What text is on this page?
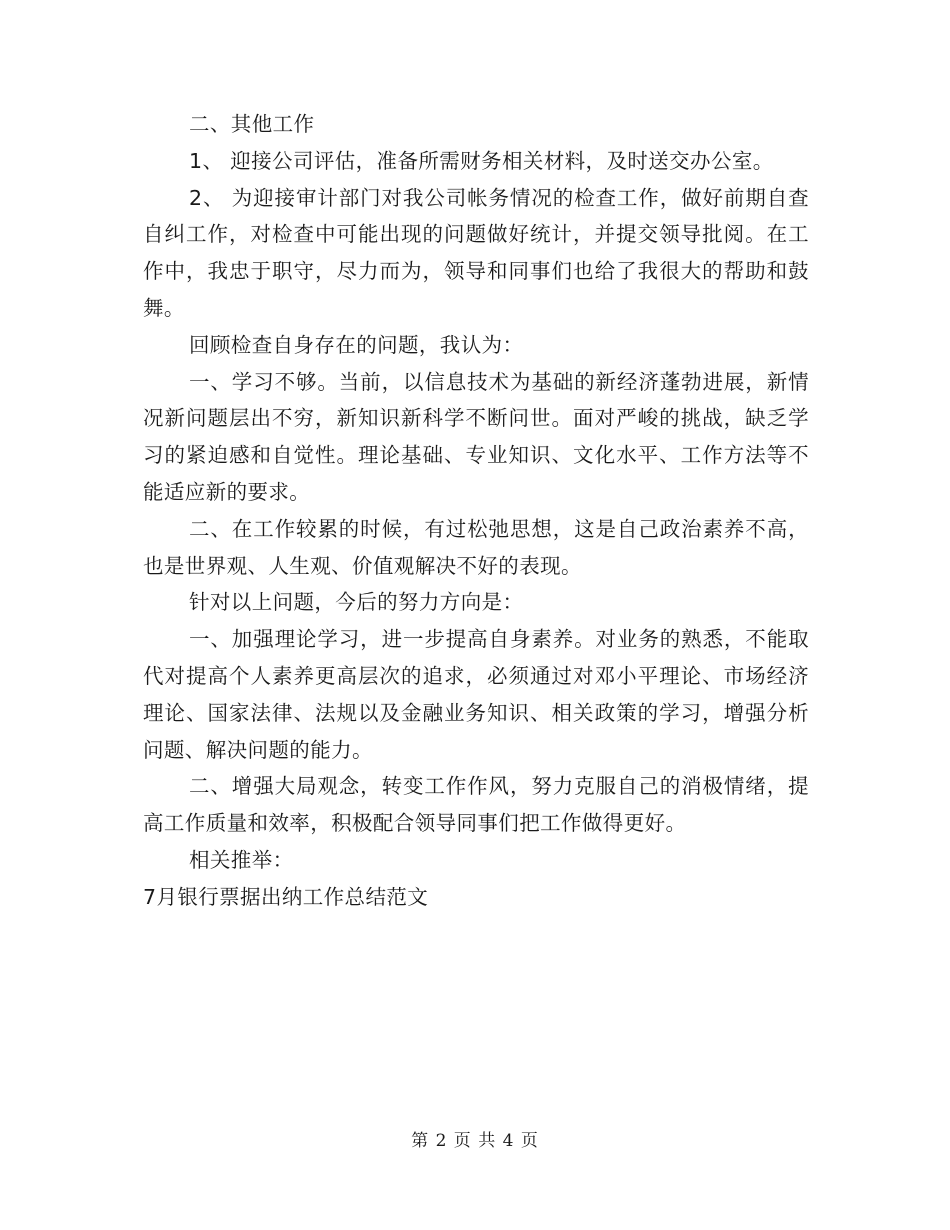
二、其他工作

1、 迎接公司评估，准备所需财务相关材料，及时送交办公室。

2、 为迎接审计部门对我公司帐务情况的检查工作，做好前期自查自纠工作，对检查中可能出现的问题做好统计，并提交领导批阅。在工作中，我忠于职守，尽力而为，领导和同事们也给了我很大的帮助和鼓舞。

回顾检查自身存在的问题，我认为：

一、学习不够。当前，以信息技术为基础的新经济蓬勃进展，新情况新问题层出不穷，新知识新科学不断问世。面对严峻的挑战，缺乏学习的紧迫感和自觉性。理论基础、专业知识、文化水平、工作方法等不能适应新的要求。

二、在工作较累的时候，有过松弛思想，这是自己政治素养不高，也是世界观、人生观、价值观解决不好的表现。

针对以上问题，今后的努力方向是：

一、加强理论学习，进一步提高自身素养。对业务的熟悉，不能取代对提高个人素养更高层次的追求，必须通过对邓小平理论、市场经济理论、国家法律、法规以及金融业务知识、相关政策的学习，增强分析问题、解决问题的能力。

二、增强大局观念，转变工作作风，努力克服自己的消极情绪，提高工作质量和效率，积极配合领导同事们把工作做得更好。

相关推举：

7月银行票据出纳工作总结范文

第 2 页 共 4 页
